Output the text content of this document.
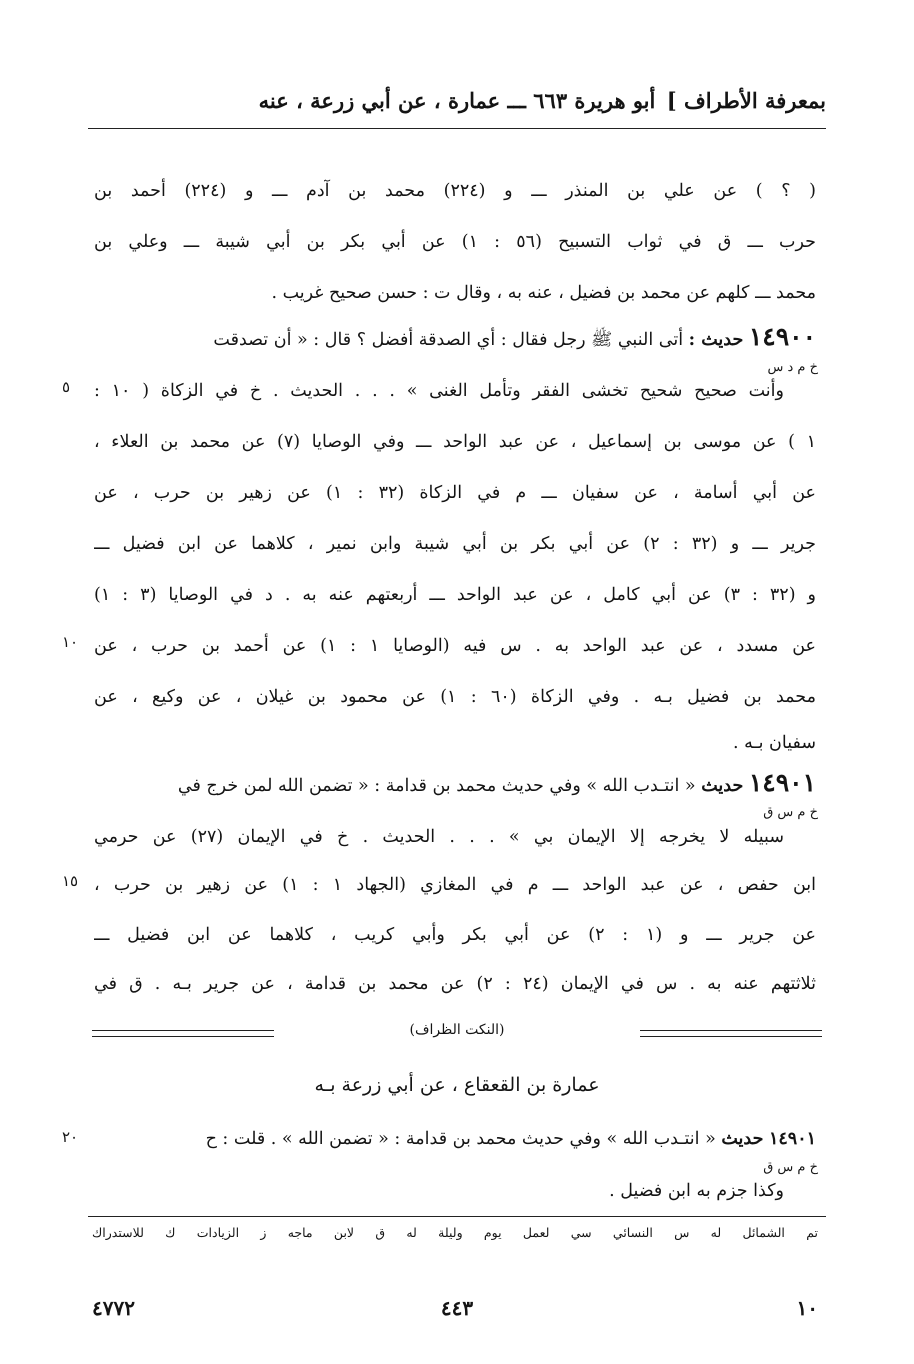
بمعرفة الأطراف ]
أبو هريرة ٦٦٣ ـــ عمارة ، عن أبي زرعة ، عنه
( ؟ ) عن علي بن المنذر ـــ و (٢٢٤) محمد بن آدم ـــ و (٢٢٤) أحمد بن
حرب ـــ ق في ثواب التسبيح (٥٦ : ١) عن أبي بكر بن أبي شيبة ـــ وعلي بن
محمد ـــ كلهم عن محمد بن فضيل ، عنه به ، وقال ت : حسن صحيح غريب .
١٤٩٠٠ حديث : أتى النبي ﷺ رجل فقال : أي الصدقة أفضل ؟ قال : « أن تصدقت
خ م د س
وأنت صحيح شحيح تخشى الفقر وتأمل الغنى » . . . الحديث . خ في الزكاة ( ١٠ :
٥
١ ) عن موسى بن إسماعيل ، عن عبد الواحد ـــ وفي الوصايا (٧) عن محمد بن العلاء ،
عن أبي أسامة ، عن سفيان ـــ م في الزكاة (٣٢ : ١) عن زهير بن حرب ، عن
جرير ـــ و (٣٢ : ٢) عن أبي بكر بن أبي شيبة وابن نمير ، كلاهما عن ابن فضيل ـــ
و (٣٢ : ٣) عن أبي كامل ، عن عبد الواحد ـــ أربعتهم عنه به . د في الوصايا (٣ : ١)
عن مسدد ، عن عبد الواحد به . س فيه (الوصايا ١ : ١) عن أحمد بن حرب ، عن
١٠
محمد بن فضيل بـه . وفي الزكاة (٦٠ : ١) عن محمود بن غيلان ، عن وكيع ، عن
سفيان بـه .
١٤٩٠١ حديث « انتـدب الله » وفي حديث محمد بن قدامة : « تضمن الله لمن خرج في
خ م س ق
سبيله لا يخرجه إلا الإيمان بي » . . . الحديث . خ في الإيمان (٢٧) عن حرمي
ابن حفص ، عن عبد الواحد ـــ م في المغازي (الجهاد ١ : ١) عن زهير بن حرب ،
١٥
عن جرير ـــ و (١ : ٢) عن أبي بكر وأبي كريب ، كلاهما عن ابن فضيل ـــ
ثلاثتهم عنه به . س في الإيمان (٢٤ : ٢) عن محمد بن قدامة ، عن جرير بـه . ق في
(النكت الظراف)
عمارة بن القعقاع ، عن أبي زرعة بـه
١٤٩٠١ حديث « انتـدب الله » وفي حديث محمد بن قدامة : « تضمن الله » . قلت : ح
٢٠
خ م س ق
وكذا جزم به ابن فضيل .
تم الشمائل له س النسائي سي لعمل يوم وليلة له ق لابن ماجه ز الزيادات ك للاستدراك
١٠
٤٤٣
٤٧٧٢
